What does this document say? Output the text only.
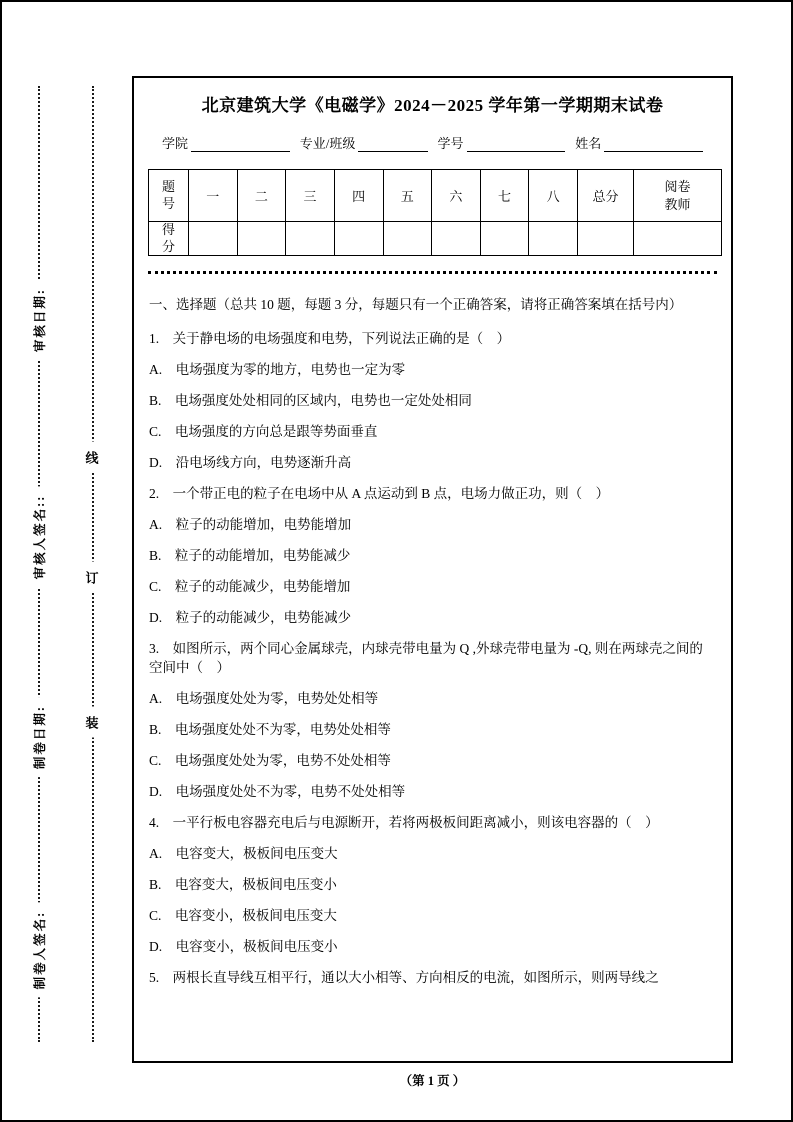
审核日期:
审核人签名::
制卷日期:
制卷人签名:
线
订
装
北京建筑大学《电磁学》2024－2025 学年第一学期期末试卷
学院	专业/班级	学号	姓名
题号	一	二	三	四	五	六	七	八	总分	阅卷教师
得分										

一、选择题（总共 10 题，每题 3 分，每题只有一个正确答案，请将正确答案填在括号内）

1.　关于静电场的电场强度和电势，下列说法正确的是（　）

A.　电场强度为零的地方，电势也一定为零

B.　电场强度处处相同的区域内，电势也一定处处相同

C.　电场强度的方向总是跟等势面垂直

D.　沿电场线方向，电势逐渐升高

2.　一个带正电的粒子在电场中从 A 点运动到 B 点，电场力做正功，则（　）

A.　粒子的动能增加，电势能增加

B.　粒子的动能增加，电势能减少

C.　粒子的动能减少，电势能增加

D.　粒子的动能减少，电势能减少

3.　如图所示，两个同心金属球壳，内球壳带电量为 Q ,外球壳带电量为 -Q, 则在两球壳之间的空间中（　）

A.　电场强度处处为零，电势处处相等

B.　电场强度处处不为零，电势处处相等

C.　电场强度处处为零，电势不处处相等

D.　电场强度处处不为零，电势不处处相等

4.　一平行板电容器充电后与电源断开，若将两极板间距离减小，则该电容器的（　）

A.　电容变大，极板间电压变大

B.　电容变大，极板间电压变小

C.　电容变小，极板间电压变大

D.　电容变小，极板间电压变小

5.　两根长直导线互相平行，通以大小相等、方向相反的电流，如图所示，则两导线之

（第 1 页 ）
